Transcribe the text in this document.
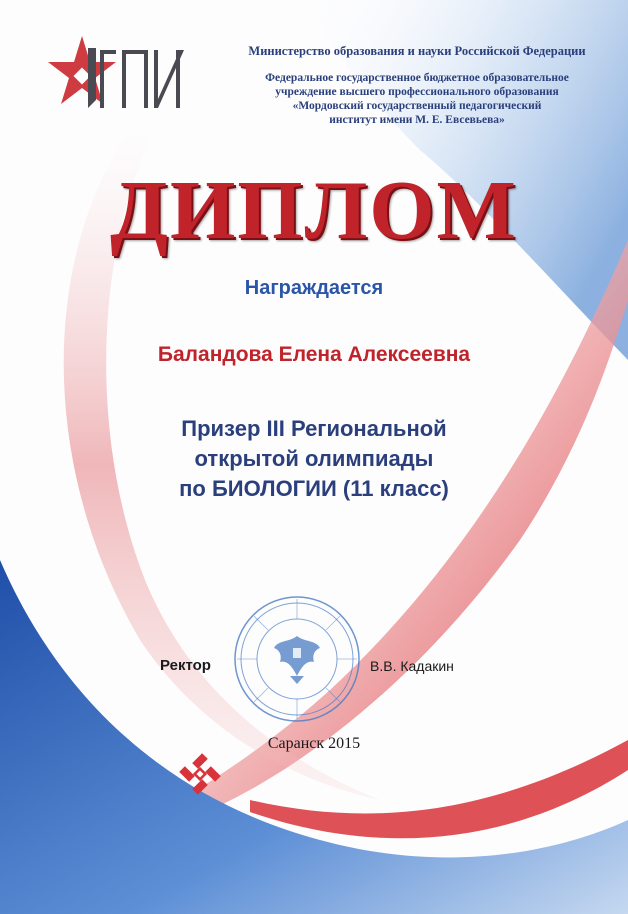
Министерство образования и науки Российской Федерации
Федеральное государственное бюджетное образовательное
учреждение высшего профессионального образования
«Мордовский государственный педагогический
институт имени М. Е. Евсевьева»
ДИПЛОМ
Награждается
Баландова Елена Алексеевна
Призер III Региональной
открытой олимпиады
по БИОЛОГИИ (11 класс)
Ректор	В.В. Кадакин
Саранск 2015
